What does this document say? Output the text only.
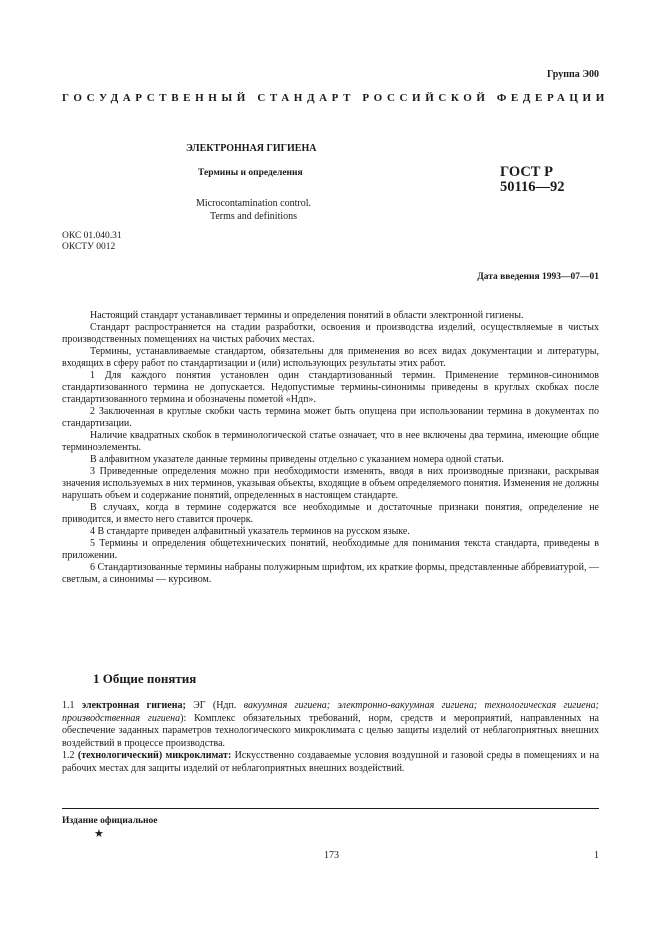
Группа Э00
ГОСУДАРСТВЕННЫЙ СТАНДАРТ РОССИЙСКОЙ ФЕДЕРАЦИИ
ЭЛЕКТРОННАЯ ГИГИЕНА
Термины и определения
Microcontamination control.
Terms and definitions
ГОСТ Р
50116—92
ОКС 01.040.31
ОКСТУ 0012
Дата введения 1993—07—01

Настоящий стандарт устанавливает термины и определения понятий в области электронной гигиены.

Стандарт распространяется на стадии разработки, освоения и производства изделий, осуществляемые в чистых производственных помещениях на чистых рабочих местах.

Термины, устанавливаемые стандартом, обязательны для применения во всех видах документации и литературы, входящих в сферу работ по стандартизации и (или) использующих результаты этих работ.

1 Для каждого понятия установлен один стандартизованный термин. Применение терминов-синонимов стандартизованного термина не допускается. Недопустимые термины-синонимы приведены в круглых скобках после стандартизованного термина и обозначены пометой «Ндп».

2 Заключенная в круглые скобки часть термина может быть опущена при использовании термина в документах по стандартизации.

Наличие квадратных скобок в терминологической статье означает, что в нее включены два термина, имеющие общие терминоэлементы.

В алфавитном указателе данные термины приведены отдельно с указанием номера одной статьи.

3 Приведенные определения можно при необходимости изменять, вводя в них производные признаки, раскрывая значения используемых в них терминов, указывая объекты, входящие в объем определяемого понятия. Изменения не должны нарушать объем и содержание понятий, определенных в настоящем стандарте.

В случаях, когда в термине содержатся все необходимые и достаточные признаки понятия, определение не приводится, и вместо него ставится прочерк.

4 В стандарте приведен алфавитный указатель терминов на русском языке.

5 Термины и определения общетехнических понятий, необходимые для понимания текста стандарта, приведены в приложении.

6 Стандартизованные термины набраны полужирным шрифтом, их краткие формы, представленные аббревиатурой, — светлым, а синонимы — курсивом.

1 Общие понятия

1.1 электронная гигиена; ЭГ (Ндп. вакуумная гигиена; электронно-вакуумная гигиена; технологическая гигиена; производственная гигиена): Комплекс обязательных требований, норм, средств и мероприятий, направленных на обеспечение заданных параметров технологического микроклимата с целью защиты изделий от неблагоприятных внешних воздействий в процессе производства.

1.2 (технологический) микроклимат: Искусственно создаваемые условия воздушной и газовой среды в помещениях и на рабочих местах для защиты изделий от неблагоприятных внешних воздействий.

Издание официальное
★
173	1
